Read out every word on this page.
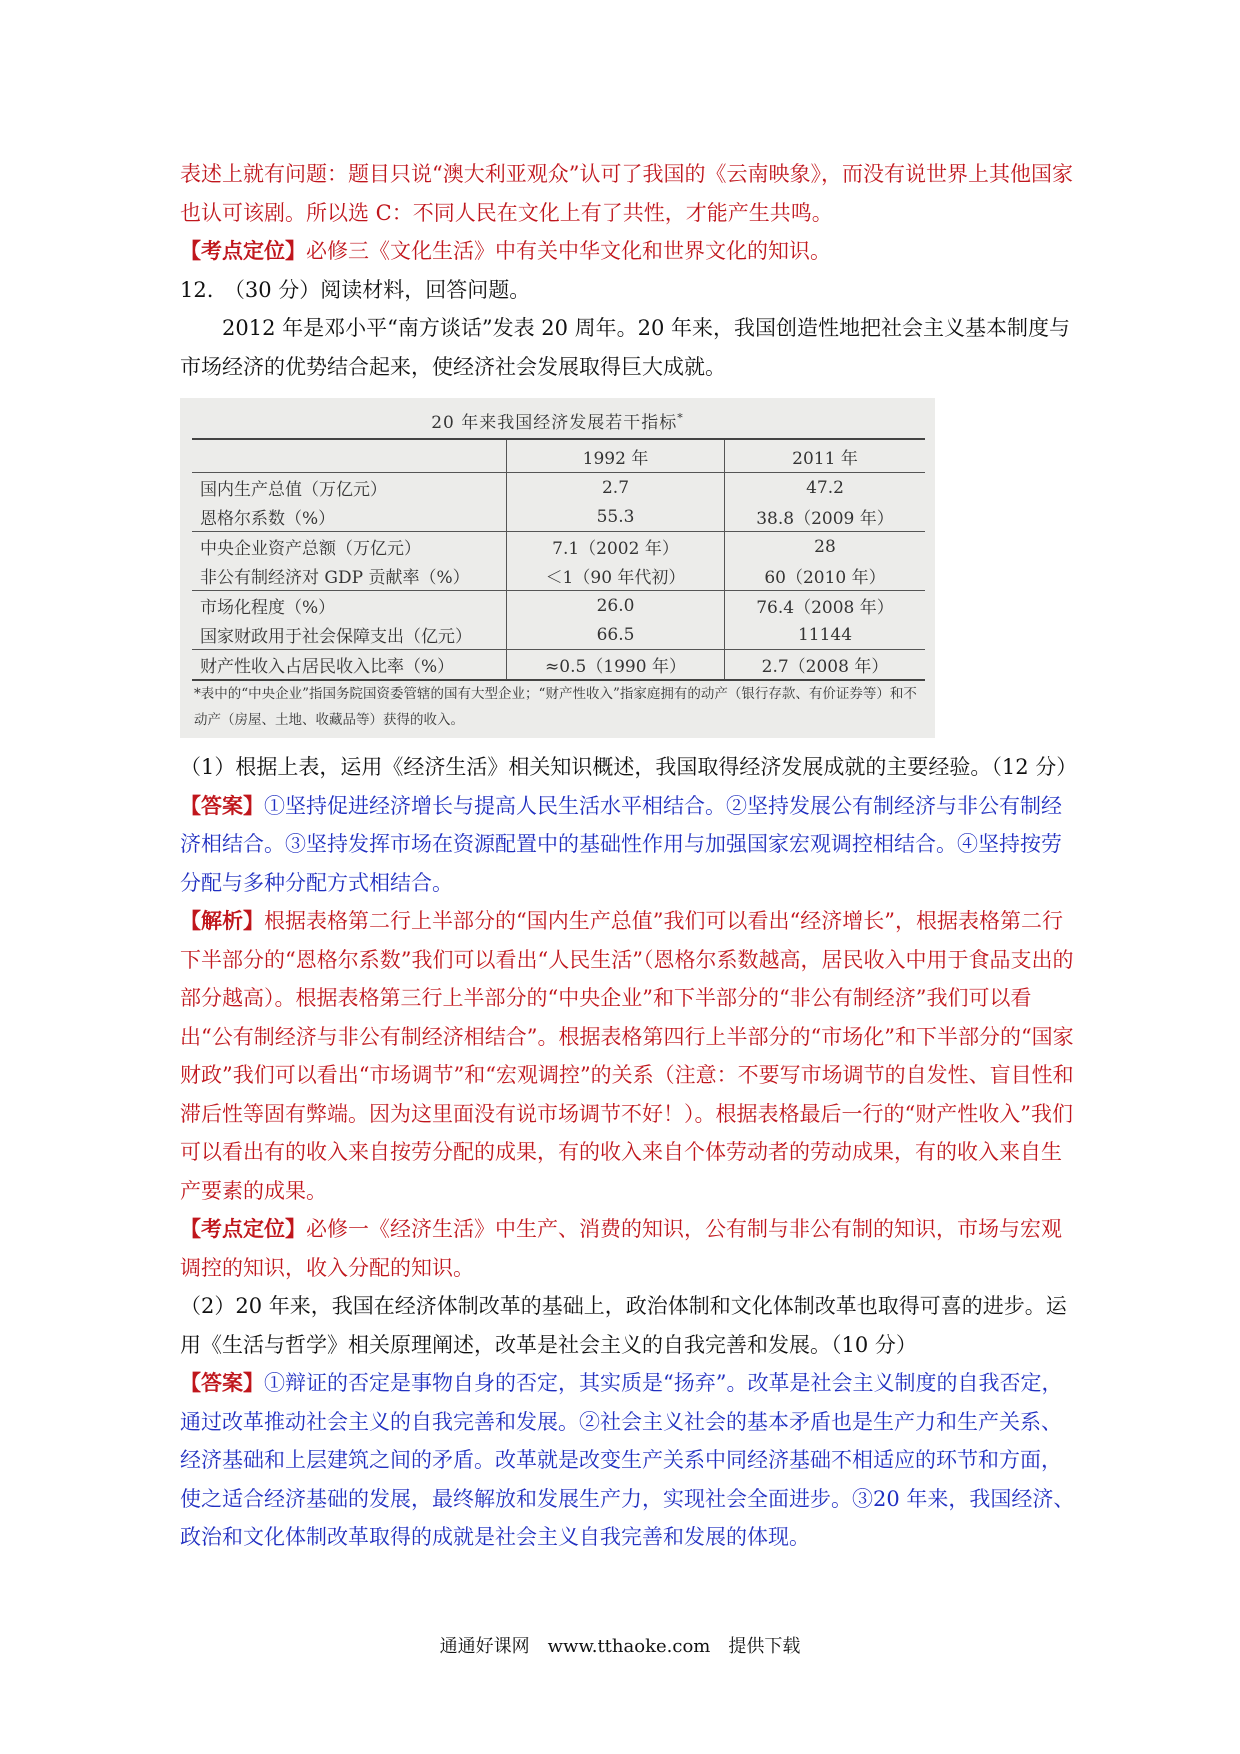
表述上就有问题：题目只说“澳大利亚观众”认可了我国的《云南映象》，而没有说世界上其他国家也认可该剧。所以选 C：不同人民在文化上有了共性，才能产生共鸣。

【考点定位】必修三《文化生活》中有关中华文化和世界文化的知识。

12.　（30 分）阅读材料，回答问题。

2012 年是邓小平“南方谈话”发表 20 周年。20 年来，我国创造性地把社会主义基本制度与市场经济的优势结合起来，使经济社会发展取得巨大成就。

20 年来我国经济发展若干指标*
	1992 年	2011 年
国内生产总值（万亿元）	2.7	47.2
恩格尔系数（%）	55.3	38.8（2009 年）
中央企业资产总额（万亿元）	7.1（2002 年）	28
非公有制经济对 GDP 贡献率（%）	＜1（90 年代初）	60（2010 年）
市场化程度（%）	26.0	76.4（2008 年）
国家财政用于社会保障支出（亿元）	66.5	11144
财产性收入占居民收入比率（%）	≈0.5（1990 年）	2.7（2008 年）
*表中的“中央企业”指国务院国资委管辖的国有大型企业；“财产性收入”指家庭拥有的动产（银行存款、有价证券等）和不动产（房屋、土地、收藏品等）获得的收入。

（1）根据上表，运用《经济生活》相关知识概述，我国取得经济发展成就的主要经验。（12 分）

【答案】①坚持促进经济增长与提高人民生活水平相结合。②坚持发展公有制经济与非公有制经济相结合。③坚持发挥市场在资源配置中的基础性作用与加强国家宏观调控相结合。④坚持按劳分配与多种分配方式相结合。

【解析】根据表格第二行上半部分的“国内生产总值”我们可以看出“经济增长”，根据表格第二行下半部分的“恩格尔系数”我们可以看出“人民生活”（恩格尔系数越高，居民收入中用于食品支出的部分越高）。根据表格第三行上半部分的“中央企业”和下半部分的“非公有制经济”我们可以看出“公有制经济与非公有制经济相结合”。根据表格第四行上半部分的“市场化”和下半部分的“国家财政”我们可以看出“市场调节”和“宏观调控”的关系（注意：不要写市场调节的自发性、盲目性和滞后性等固有弊端。因为这里面没有说市场调节不好！）。根据表格最后一行的“财产性收入”我们可以看出有的收入来自按劳分配的成果，有的收入来自个体劳动者的劳动成果，有的收入来自生产要素的成果。

【考点定位】必修一《经济生活》中生产、消费的知识，公有制与非公有制的知识，市场与宏观调控的知识，收入分配的知识。

（2）20 年来，我国在经济体制改革的基础上，政治体制和文化体制改革也取得可喜的进步。运用《生活与哲学》相关原理阐述，改革是社会主义的自我完善和发展。（10 分）

【答案】①辩证的否定是事物自身的否定，其实质是“扬弃”。改革是社会主义制度的自我否定，通过改革推动社会主义的自我完善和发展。②社会主义社会的基本矛盾也是生产力和生产关系、经济基础和上层建筑之间的矛盾。改革就是改变生产关系中同经济基础不相适应的环节和方面，使之适合经济基础的发展，最终解放和发展生产力，实现社会全面进步。③20 年来，我国经济、政治和文化体制改革取得的成就是社会主义自我完善和发展的体现。

通通好课网　www.tthaoke.com　提供下载
